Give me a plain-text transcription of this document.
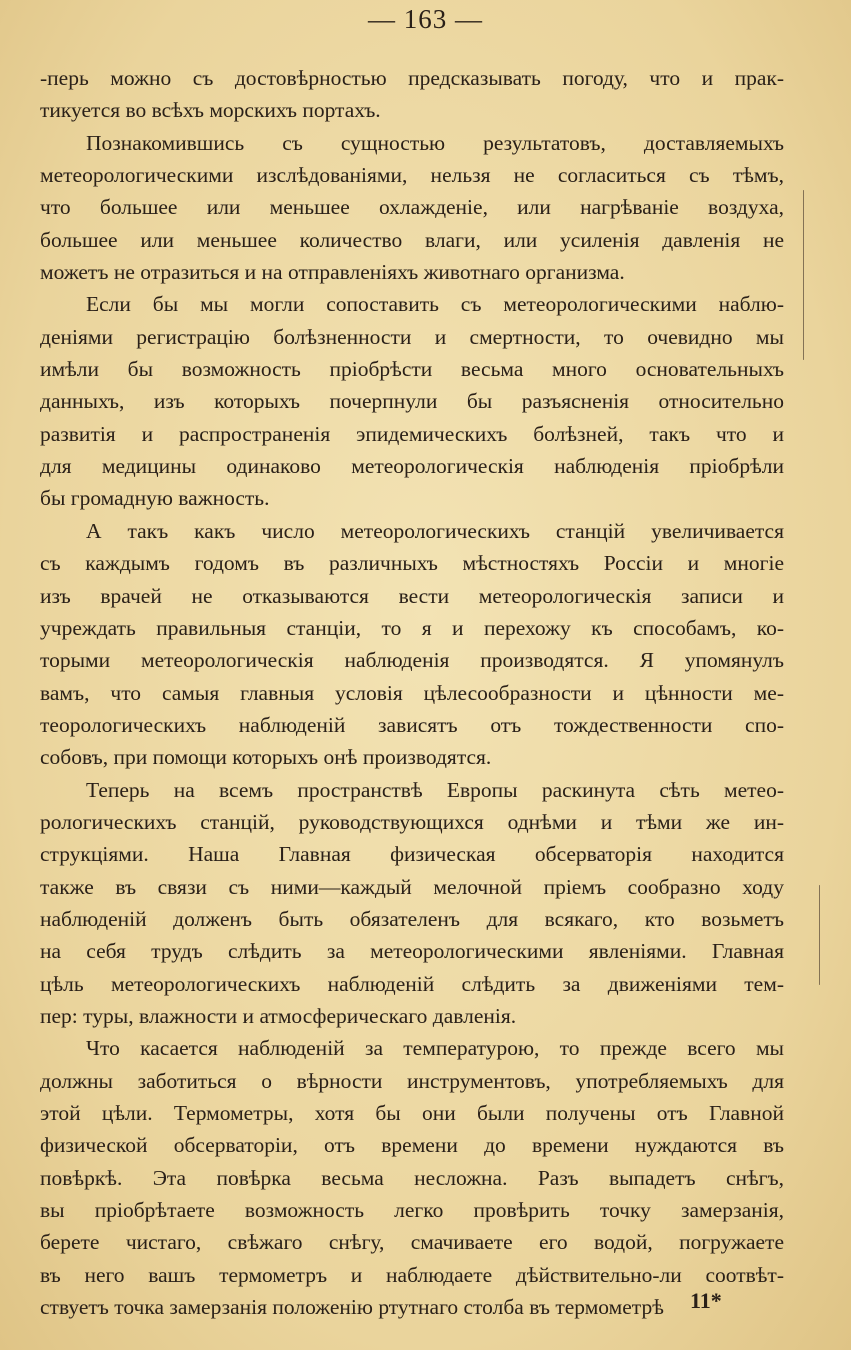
— 163 —
-перь можно съ достовѣрностью предсказывать погоду, что и прак-
тикуется во всѣхъ морскихъ портахъ.
Познакомившись съ сущностью результатовъ, доставляемыхъ
метеорологическими изслѣдованіями, нельзя не согласиться съ тѣмъ,
что большее или меньшее охлажденіе, или нагрѣваніе воздуха,
большее или меньшее количество влаги, или усиленія давленія не
можетъ не отразиться и на отправленіяхъ животнаго организма.
Если бы мы могли сопоставить съ метеорологическими наблю-
деніями регистрацію болѣзненности и смертности, то очевидно мы
имѣли бы возможность пріобрѣсти весьма много основательныхъ
данныхъ, изъ которыхъ почерпнули бы разъясненія относительно
развитія и распространенія эпидемическихъ болѣзней, такъ что и
для медицины одинаково метеорологическія наблюденія пріобрѣли
бы громадную важность.
А такъ какъ число метеорологическихъ станцій увеличивается
съ каждымъ годомъ въ различныхъ мѣстностяхъ Россіи и многіе
изъ врачей не отказываются вести метеорологическія записи и
учреждать правильныя станціи, то я и перехожу къ способамъ, ко-
торыми метеорологическія наблюденія производятся. Я упомянулъ
вамъ, что самыя главныя условія цѣлесообразности и цѣнности ме-
теорологическихъ наблюденій зависятъ отъ тождественности спо-
собовъ, при помощи которыхъ онѣ производятся.
Теперь на всемъ пространствѣ Европы раскинута сѣть метео-
рологическихъ станцій, руководствующихся однѣми и тѣми же ин-
струкціями. Наша Главная физическая обсерваторія находится
также въ связи съ ними—каждый мелочной пріемъ сообразно ходу
наблюденій долженъ быть обязателенъ для всякаго, кто возьметъ
на себя трудъ слѣдить за метеорологическими явленіями. Главная
цѣль метеорологическихъ наблюденій слѣдить за движеніями тем-
пер: туры, влажности и атмосферическаго давленія.
Что касается наблюденій за температурою, то прежде всего мы
должны заботиться о вѣрности инструментовъ, употребляемыхъ для
этой цѣли. Термометры, хотя бы они были получены отъ Главной
физической обсерваторіи, отъ времени до времени нуждаются въ
повѣркѣ. Эта повѣрка весьма несложна. Разъ выпадетъ снѣгъ,
вы пріобрѣтаете возможность легко провѣрить точку замерзанія,
берете чистаго, свѣжаго снѣгу, смачиваете его водой, погружаете
въ него вашъ термометръ и наблюдаете дѣйствительно-ли соотвѣт-
ствуетъ точка замерзанія положенію ртутнаго столба въ термометрѣ	11*
